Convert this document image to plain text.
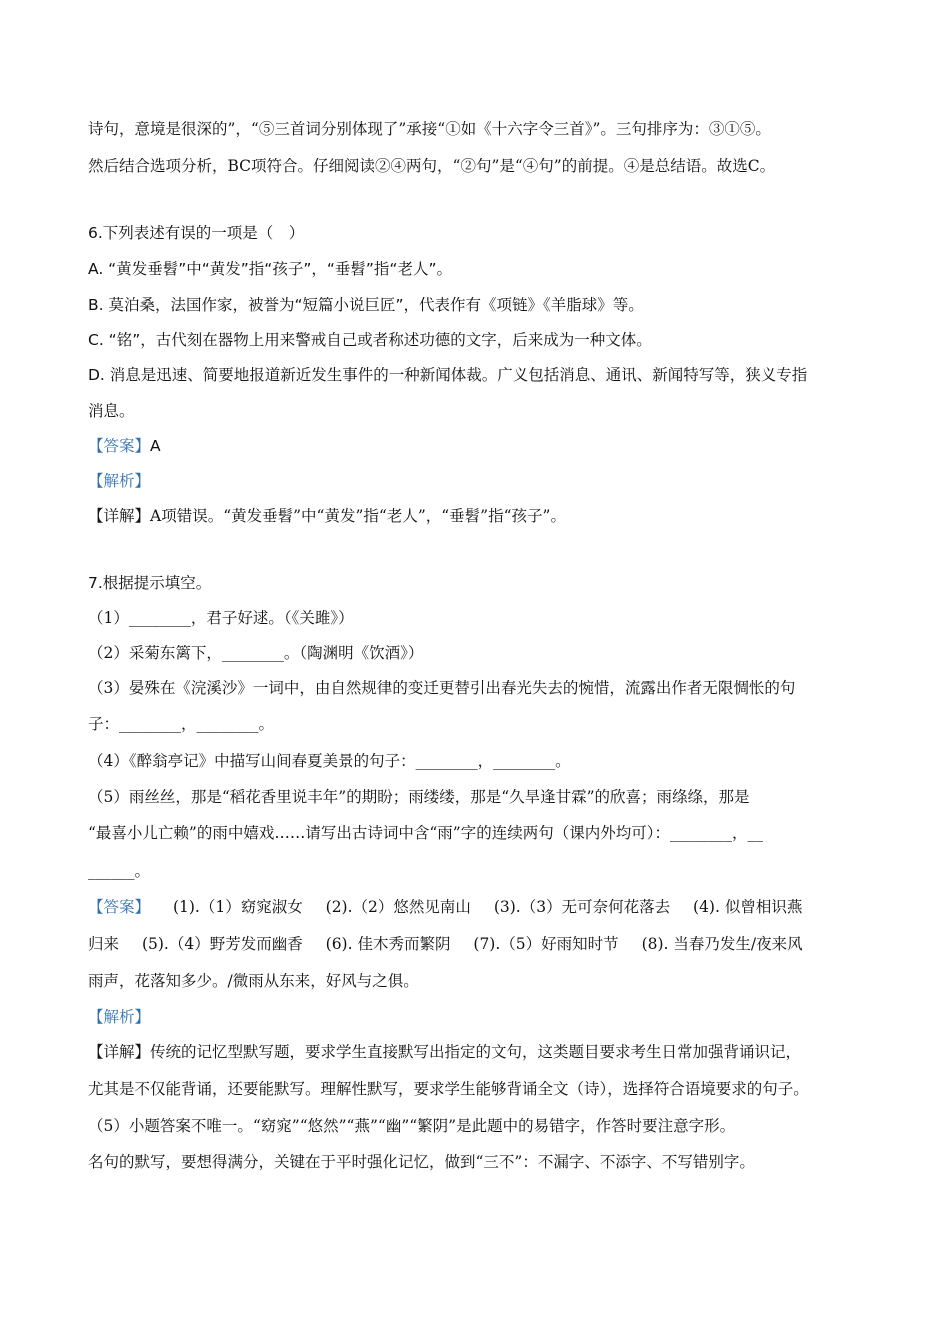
诗句，意境是很深的”，“⑤三首词分别体现了”承接“①如《十六字令三首》”。三句排序为：③①⑤。
然后结合选项分析，BC项符合。仔细阅读②④两句，“②句”是“④句”的前提。④是总结语。故选C。
6.下列表述有误的一项是（　）
A. “黄发垂髫”中“黄发”指“孩子”，“垂髫”指“老人”。
B. 莫泊桑，法国作家，被誉为“短篇小说巨匠”，代表作有《项链》《羊脂球》等。
C. “铭”，古代刻在器物上用来警戒自己或者称述功德的文字，后来成为一种文体。
D. 消息是迅速、简要地报道新近发生事件的一种新闻体裁。广义包括消息、通讯、新闻特写等，狭义专指
消息。
【答案】A
【解析】
【详解】A项错误。“黄发垂髫”中“黄发”指“老人”，“垂髫”指“孩子”。
7.根据提示填空。
（1）________，君子好逑。（《关雎》）
（2）采菊东篱下，________。（陶渊明《饮酒》）
（3）晏殊在《浣溪沙》一词中，由自然规律的变迁更替引出春光失去的惋惜，流露出作者无限惆怅的句
子：________，________。
（4）《醉翁亭记》中描写山间春夏美景的句子：________，________。
（5）雨丝丝，那是“稻花香里说丰年”的期盼；雨缕缕，那是“久旱逢甘霖”的欣喜；雨绦绦，那是
“最喜小儿亡赖”的雨中嬉戏……请写出古诗词中含“雨”字的连续两句（课内外均可）：________，__
______。
【答案】 (1).（1）窈窕淑女 (2).（2）悠然见南山 (3).（3）无可奈何花落去 (4). 似曾相识燕
归来 (5).（4）野芳发而幽香 (6). 佳木秀而繁阴 (7).（5）好雨知时节 (8). 当春乃发生/夜来风
雨声，花落知多少。/微雨从东来，好风与之俱。
【解析】
【详解】传统的记忆型默写题，要求学生直接默写出指定的文句，这类题目要求考生日常加强背诵识记，
尤其是不仅能背诵，还要能默写。理解性默写，要求学生能够背诵全文（诗），选择符合语境要求的句子。
（5）小题答案不唯一。“窈窕”“悠然”“燕”“幽”“繁阴”是此题中的易错字，作答时要注意字形。
名句的默写，要想得满分，关键在于平时强化记忆，做到“三不”：不漏字、不添字、不写错别字。
